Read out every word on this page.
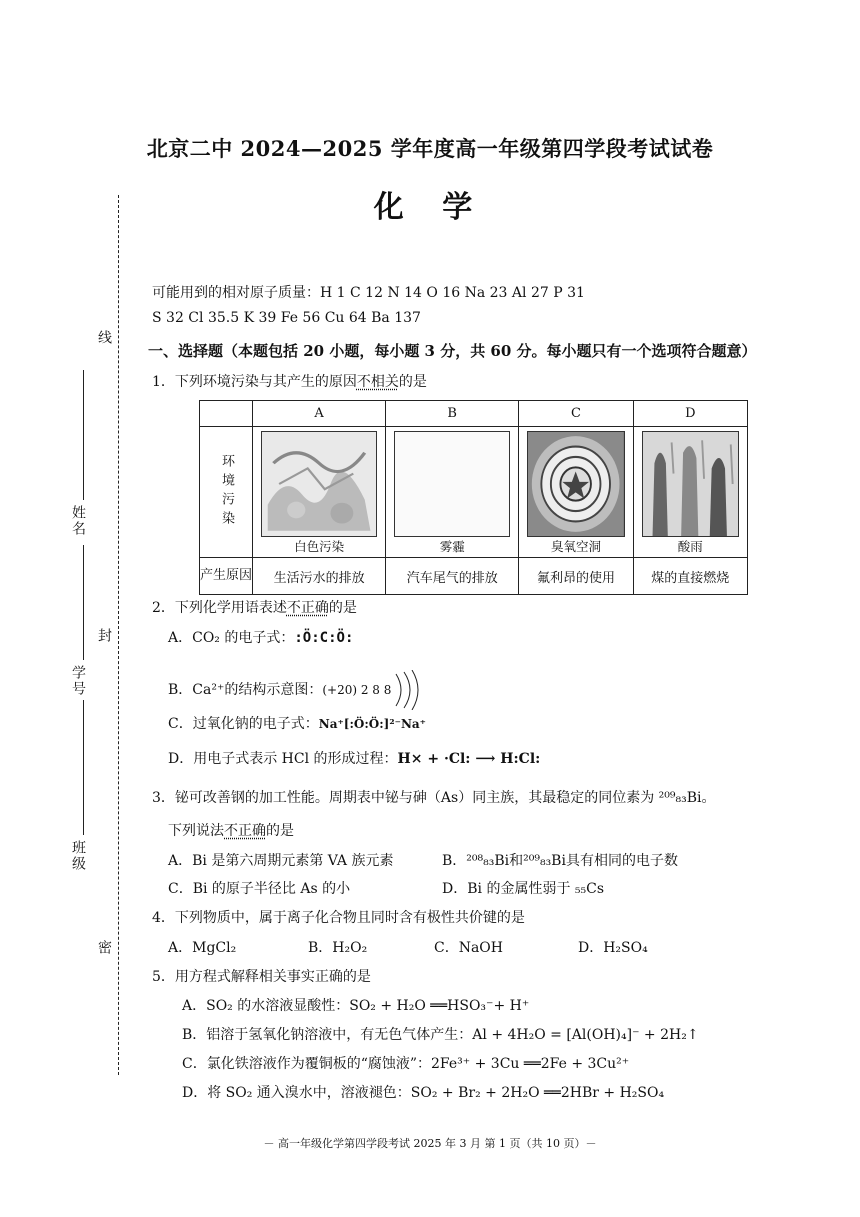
线
姓名
封
学号
班级
密
北京二中 2024—2025 学年度高一年级第四学段考试试卷
化 学
可能用到的相对原子质量：H 1 C 12 N 14 O 16 Na 23 Al 27 P 31
S 32 Cl 35.5 K 39 Fe 56 Cu 64 Ba 137
一、选择题（本题包括 20 小题，每小题 3 分，共 60 分。每小题只有一个选项符合题意）
1．下列环境污染与其产生的原因不相关的是
	A	B	C	D

环境污染	白色污染	雾霾	臭氧空洞	酸雨

产生原因	生活污水的排放	汽车尾气的排放	氟利昂的使用	煤的直接燃烧
2．下列化学用语表述不正确的是
A．CO₂ 的电子式：:Ö:C:Ö:
B．Ca²⁺的结构示意图：(+20) 2 8 8
C．过氧化钠的电子式：Na⁺[:Ö:Ö:]²⁻Na⁺
D．用电子式表示 HCl 的形成过程：H× + ·Cl: ⟶ H:Cl:
3．铋可改善钢的加工性能。周期表中铋与砷（As）同主族，其最稳定的同位素为 ²⁰⁹₈₃Bi。
下列说法不正确的是
A．Bi 是第六周期元素第 VA 族元素	B．²⁰⁸₈₃Bi和²⁰⁹₈₃Bi具有相同的电子数
C．Bi 的原子半径比 As 的小	D．Bi 的金属性弱于 ₅₅Cs
4．下列物质中，属于离子化合物且同时含有极性共价键的是
A．MgCl₂	B．H₂O₂	C．NaOH	D．H₂SO₄
5．用方程式解释相关事实正确的是
A．SO₂ 的水溶液显酸性：SO₂ + H₂O ══HSO₃⁻+ H⁺
B．铝溶于氢氧化钠溶液中，有无色气体产生：Al + 4H₂O = [Al(OH)₄]⁻ + 2H₂↑
C．氯化铁溶液作为覆铜板的“腐蚀液”：2Fe³⁺ + 3Cu ══2Fe + 3Cu²⁺
D．将 SO₂ 通入溴水中，溶液褪色：SO₂ + Br₂ + 2H₂O ══2HBr + H₂SO₄
－ 高一年级化学第四学段考试 2025 年 3 月 第 1 页（共 10 页）－
